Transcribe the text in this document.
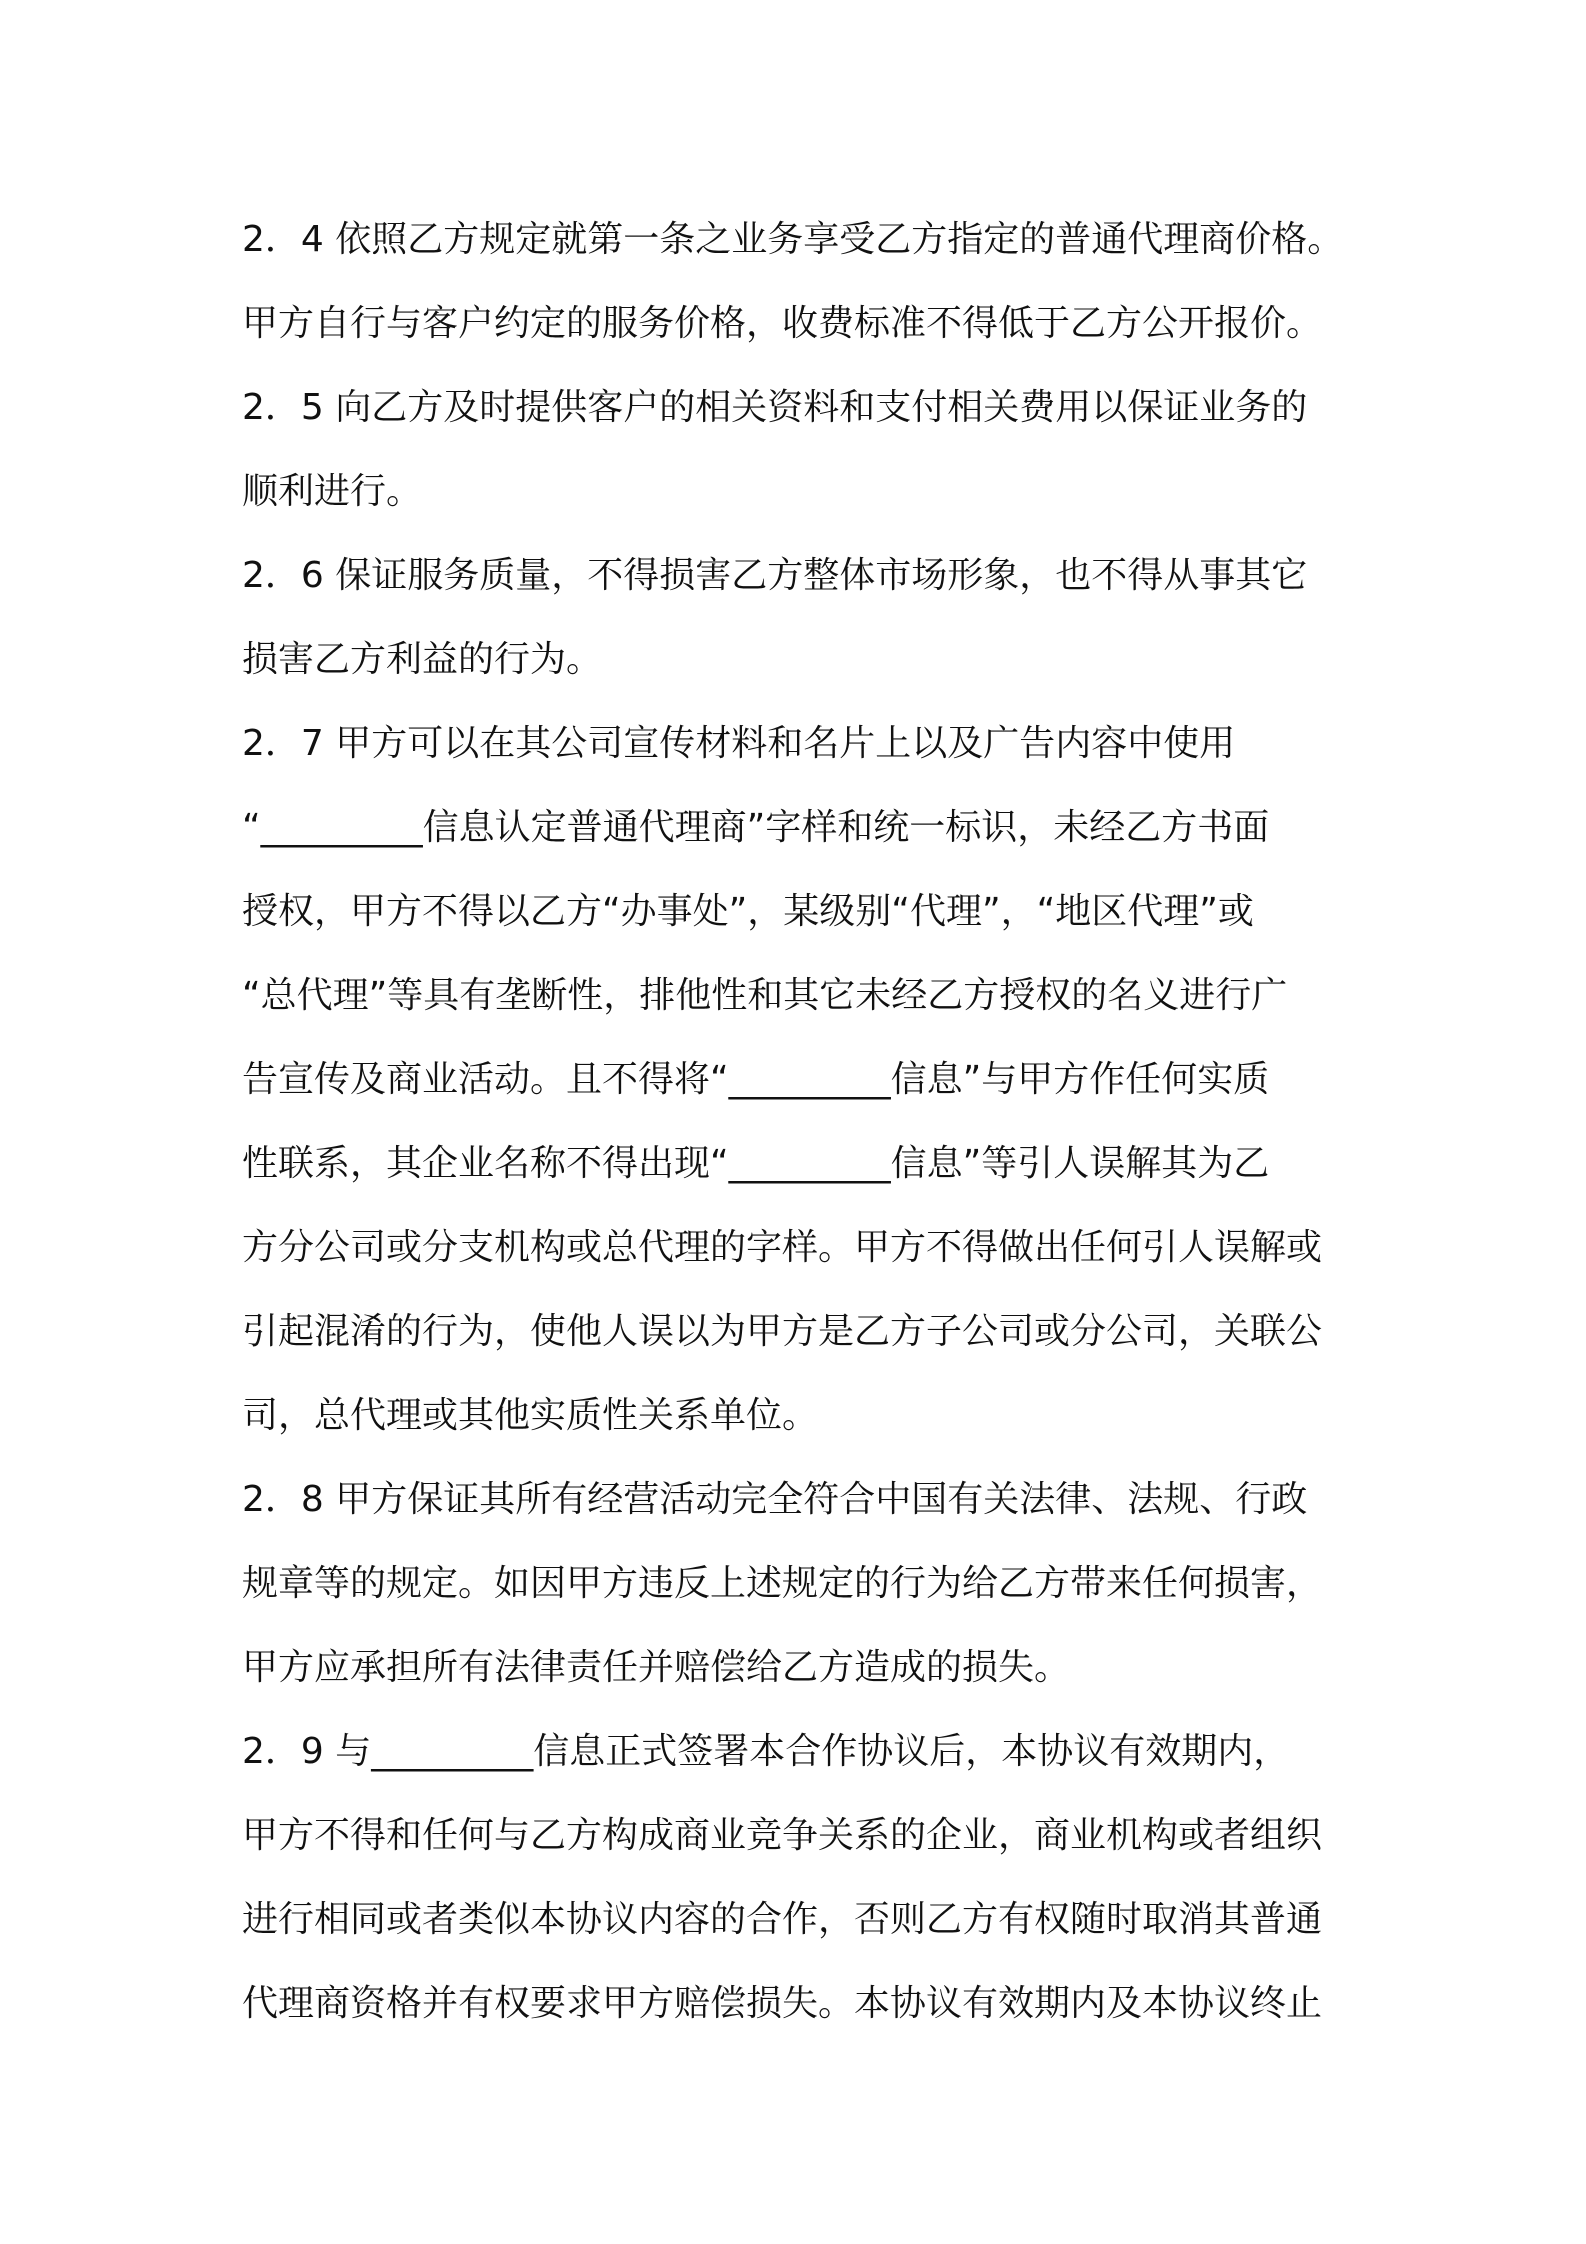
2．4 依照乙方规定就第一条之业务享受乙方指定的普通代理商价格。
甲方自行与客户约定的服务价格，收费标准不得低于乙方公开报价。
2．5 向乙方及时提供客户的相关资料和支付相关费用以保证业务的
顺利进行。
2．6 保证服务质量，不得损害乙方整体市场形象，也不得从事其它
损害乙方利益的行为。
2．7 甲方可以在其公司宣传材料和名片上以及广告内容中使用
“_________信息认定普通代理商”字样和统一标识，未经乙方书面
授权，甲方不得以乙方“办事处”，某级别“代理”，“地区代理”或
“总代理”等具有垄断性，排他性和其它未经乙方授权的名义进行广
告宣传及商业活动。且不得将“_________信息”与甲方作任何实质
性联系，其企业名称不得出现“_________信息”等引人误解其为乙
方分公司或分支机构或总代理的字样。甲方不得做出任何引人误解或
引起混淆的行为，使他人误以为甲方是乙方子公司或分公司，关联公
司，总代理或其他实质性关系单位。
2．8 甲方保证其所有经营活动完全符合中国有关法律、法规、行政
规章等的规定。如因甲方违反上述规定的行为给乙方带来任何损害，
甲方应承担所有法律责任并赔偿给乙方造成的损失。
2．9 与_________信息正式签署本合作协议后，本协议有效期内，
甲方不得和任何与乙方构成商业竞争关系的企业，商业机构或者组织
进行相同或者类似本协议内容的合作，否则乙方有权随时取消其普通
代理商资格并有权要求甲方赔偿损失。本协议有效期内及本协议终止
